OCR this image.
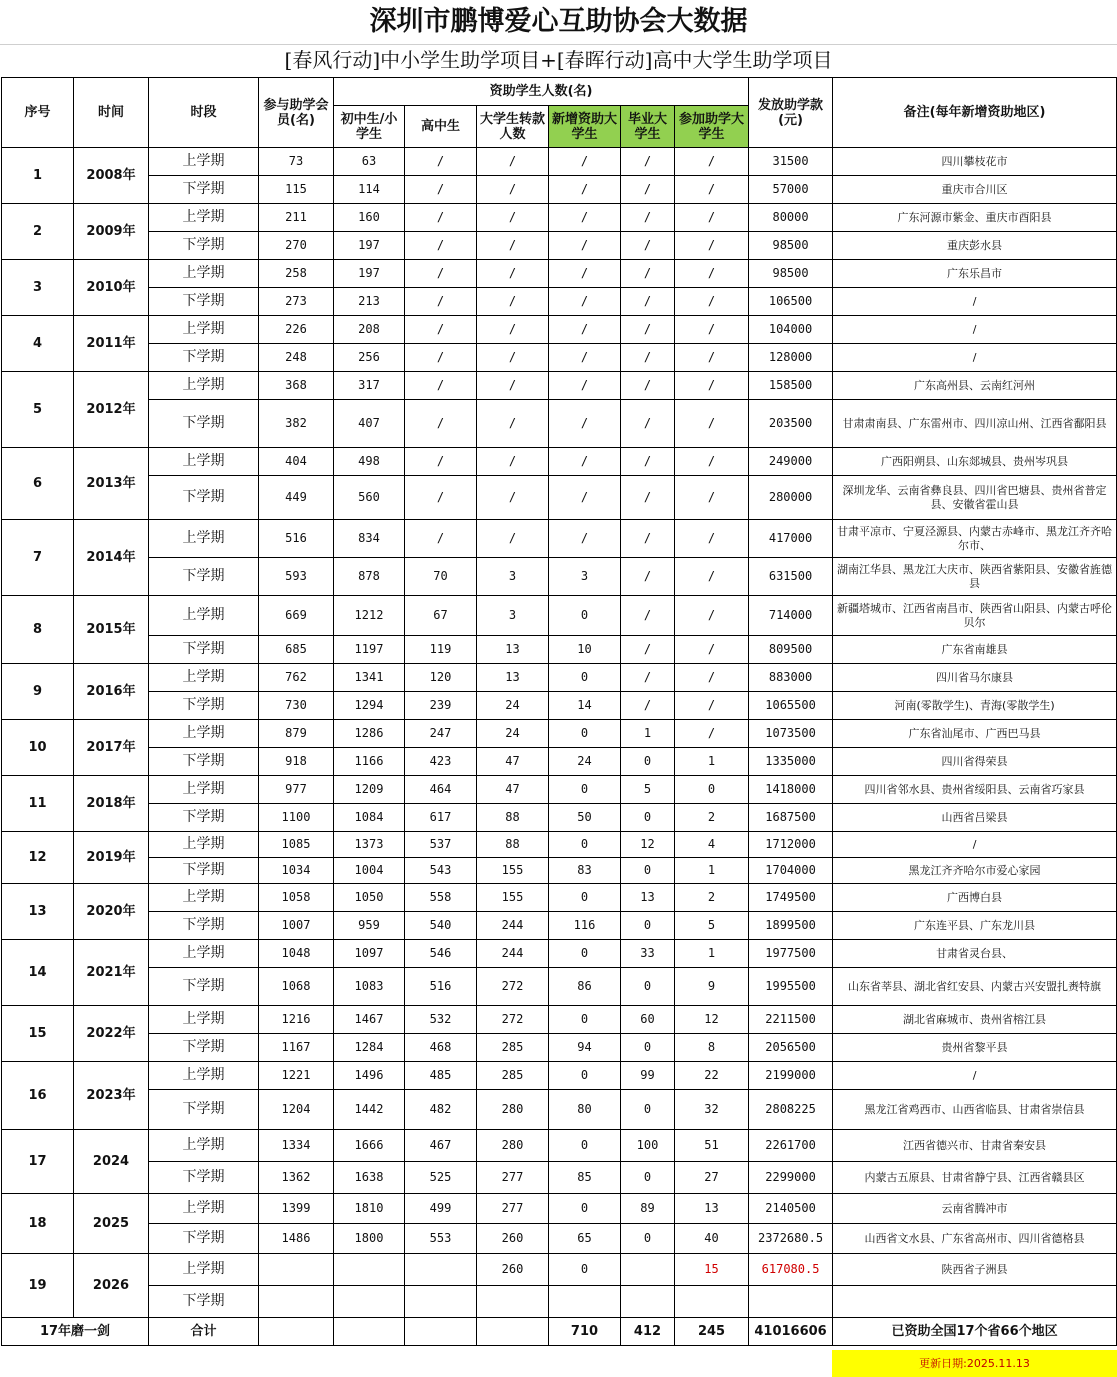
深圳市鹏博爱心互助协会大数据
[春风行动]中小学生助学项目+[春晖行动]高中大学生助学项目
序号	时间	时段	参与助学会员(名)	资助学生人数(名)						发放助学款(元)	备注(每年新增资助地区)
				初中生/小学生	高中生	大学生转款人数	新增资助大学生	毕业大学生	参加助学大学生		
1	2008年	上学期	73	63	/	/	/	/	/	31500	四川攀枝花市
		下学期	115	114	/	/	/	/	/	57000	重庆市合川区
2	2009年	上学期	211	160	/	/	/	/	/	80000	广东河源市紫金、重庆市酉阳县
		下学期	270	197	/	/	/	/	/	98500	重庆彭水县
3	2010年	上学期	258	197	/	/	/	/	/	98500	广东乐昌市
		下学期	273	213	/	/	/	/	/	106500	/
4	2011年	上学期	226	208	/	/	/	/	/	104000	/
		下学期	248	256	/	/	/	/	/	128000	/
5	2012年	上学期	368	317	/	/	/	/	/	158500	广东高州县、云南红河州
		下学期	382	407	/	/	/	/	/	203500	甘肃肃南县、广东雷州市、四川凉山州、江西省鄱阳县
6	2013年	上学期	404	498	/	/	/	/	/	249000	广西阳朔县、山东郯城县、贵州岑巩县
		下学期	449	560	/	/	/	/	/	280000	深圳龙华、云南省彝良县、四川省巴塘县、贵州省普定县、安徽省霍山县
7	2014年	上学期	516	834	/	/	/	/	/	417000	甘肃平凉市、宁夏泾源县、内蒙古赤峰市、黑龙江齐齐哈尔市、
		下学期	593	878	70	3	3	/	/	631500	湖南江华县、黑龙江大庆市、陕西省紫阳县、安徽省旌德县
8	2015年	上学期	669	1212	67	3	0	/	/	714000	新疆塔城市、江西省南昌市、陕西省山阳县、内蒙古呼伦贝尔
		下学期	685	1197	119	13	10	/	/	809500	广东省南雄县
9	2016年	上学期	762	1341	120	13	0	/	/	883000	四川省马尔康县
		下学期	730	1294	239	24	14	/	/	1065500	河南(零散学生)、青海(零散学生)
10	2017年	上学期	879	1286	247	24	0	1	/	1073500	广东省汕尾市、广西巴马县
		下学期	918	1166	423	47	24	0	1	1335000	四川省得荣县
11	2018年	上学期	977	1209	464	47	0	5	0	1418000	四川省邻水县、贵州省绥阳县、云南省巧家县
		下学期	1100	1084	617	88	50	0	2	1687500	山西省吕梁县
12	2019年	上学期	1085	1373	537	88	0	12	4	1712000	/
		下学期	1034	1004	543	155	83	0	1	1704000	黑龙江齐齐哈尔市爱心家园
13	2020年	上学期	1058	1050	558	155	0	13	2	1749500	广西博白县
		下学期	1007	959	540	244	116	0	5	1899500	广东连平县、广东龙川县
14	2021年	上学期	1048	1097	546	244	0	33	1	1977500	甘肃省灵台县、
		下学期	1068	1083	516	272	86	0	9	1995500	山东省莘县、湖北省红安县、内蒙古兴安盟扎赉特旗
15	2022年	上学期	1216	1467	532	272	0	60	12	2211500	湖北省麻城市、贵州省榕江县
		下学期	1167	1284	468	285	94	0	8	2056500	贵州省黎平县
16	2023年	上学期	1221	1496	485	285	0	99	22	2199000	/
		下学期	1204	1442	482	280	80	0	32	2808225	黑龙江省鸡西市、山西省临县、甘肃省崇信县
17	2024	上学期	1334	1666	467	280	0	100	51	2261700	江西省德兴市、甘肃省秦安县
		下学期	1362	1638	525	277	85	0	27	2299000	内蒙古五原县、甘肃省静宁县、江西省赣县区
18	2025	上学期	1399	1810	499	277	0	89	13	2140500	云南省腾冲市
		下学期	1486	1800	553	260	65	0	40	2372680.5	山西省文水县、广东省高州市、四川省德格县
19	2026	上学期				260	0		15	617080.5	陕西省子洲县
		下学期									
17年磨一剑		合计					710	412	245	41016606	已资助全国17个省66个地区
更新日期:2025.11.13
